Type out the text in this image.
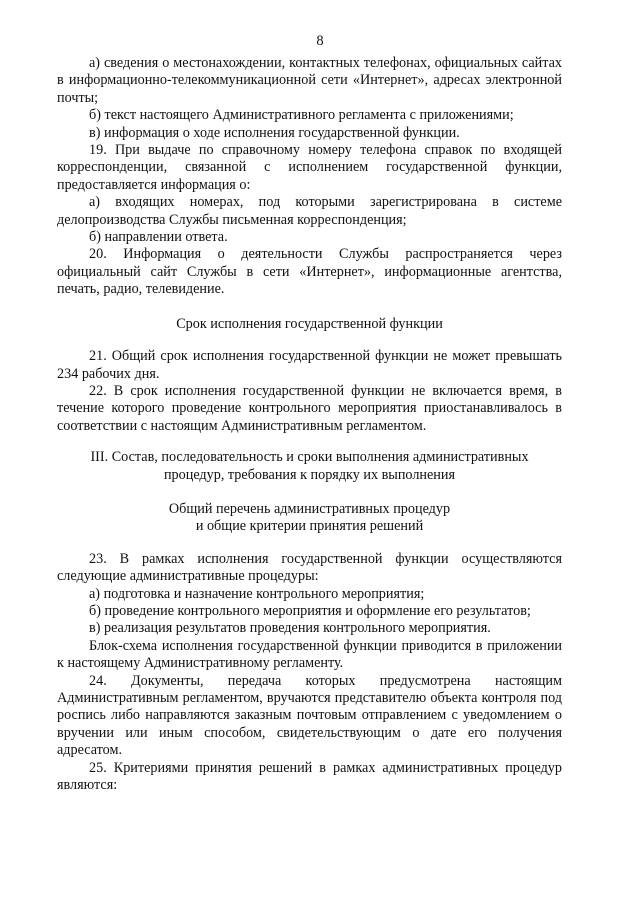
8

а) сведения о местонахождении, контактных телефонах, официальных сайтах в информационно-телекоммуникационной сети «Интернет», адресах электронной почты;

б) текст настоящего Административного регламента с приложениями;

в) информация о ходе исполнения государственной функции.

19. При выдаче по справочному номеру телефона справок по входящей корреспонденции, связанной с исполнением государственной функции, предоставляется информация о:

а) входящих номерах, под которыми зарегистрирована в системе делопроизводства Службы письменная корреспонденция;

б) направлении ответа.

20. Информация о деятельности Службы распространяется через официальный сайт Службы в сети «Интернет», информационные агентства, печать, радио, телевидение.

Срок исполнения государственной функции

21. Общий срок исполнения государственной функции не может превышать 234 рабочих дня.

22. В срок исполнения государственной функции не включается время, в течение которого проведение контрольного мероприятия приостанавливалось в соответствии с настоящим Административным регламентом.

III. Состав, последовательность и сроки выполнения административных

процедур, требования к порядку их выполнения

Общий перечень административных процедур

и общие критерии принятия решений

23. В рамках исполнения государственной функции осуществляются следующие административные процедуры:

а) подготовка и назначение контрольного мероприятия;

б) проведение контрольного мероприятия и оформление его результатов;

в) реализация результатов проведения контрольного мероприятия.

Блок-схема исполнения государственной функции приводится в приложении к настоящему Административному регламенту.

24. Документы, передача которых предусмотрена настоящим Административным регламентом, вручаются представителю объекта контроля под роспись либо направляются заказным почтовым отправлением с уведомлением о вручении или иным способом, свидетельствующим о дате его получения адресатом.

25. Критериями принятия решений в рамках административных процедур являются:
